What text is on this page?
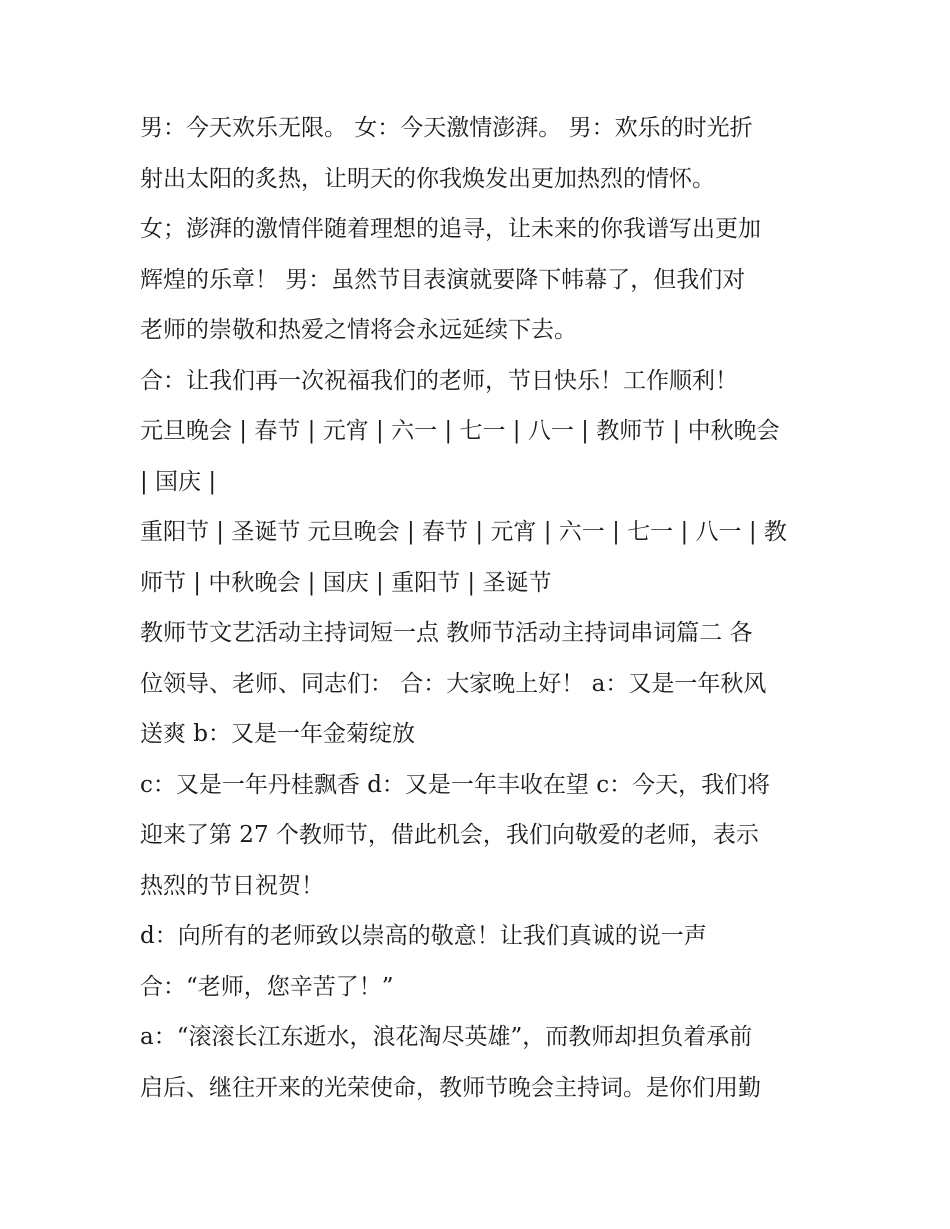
男：今天欢乐无限。 女：今天激情澎湃。 男：欢乐的时光折
射出太阳的炙热，让明天的你我焕发出更加热烈的情怀。

女；澎湃的激情伴随着理想的追寻，让未来的你我谱写出更加
辉煌的乐章！ 男：虽然节目表演就要降下帏幕了，但我们对
老师的崇敬和热爱之情将会永远延续下去。

合：让我们再一次祝福我们的老师，节日快乐！工作顺利！

元旦晚会 | 春节 | 元宵 | 六一 | 七一 | 八一 | 教师节 | 中秋晚会
| 国庆 |

重阳节 | 圣诞节 元旦晚会 | 春节 | 元宵 | 六一 | 七一 | 八一 | 教
师节 | 中秋晚会 | 国庆 | 重阳节 | 圣诞节

教师节文艺活动主持词短一点 教师节活动主持词串词篇二 各
位领导、老师、同志们： 合：大家晚上好！ a：又是一年秋风
送爽 b：又是一年金菊绽放

c：又是一年丹桂飘香 d：又是一年丰收在望 c：今天，我们将
迎来了第 27 个教师节，借此机会，我们向敬爱的老师，表示
热烈的节日祝贺！

d：向所有的老师致以崇高的敬意！让我们真诚的说一声

合：“老师，您辛苦了！”

a：“滚滚长江东逝水，浪花淘尽英雄”，而教师却担负着承前
启后、继往开来的光荣使命，教师节晚会主持词。是你们用勤
